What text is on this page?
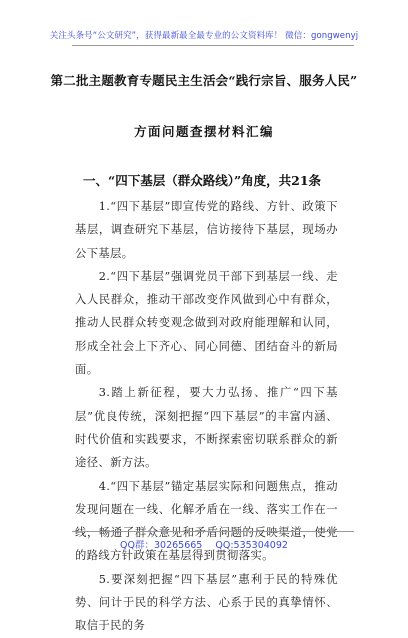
关注头条号“公文研究”，获得最新最全最专业的公文资料库！ 微信：gongwenyj
第二批主题教育专题民主生活会“践行宗旨、服务人民”
方面问题查摆材料汇编
一、“四下基层（群众路线）”角度，共21条

1.“四下基层”即宣传党的路线、方针、政策下基层，调查研究下基层，信访接待下基层，现场办公下基层。

2.“四下基层”强调党员干部下到基层一线、走入人民群众，推动干部改变作风做到心中有群众，推动人民群众转变观念做到对政府能理解和认同，形成全社会上下齐心、同心同德、团结奋斗的新局面。

3.踏上新征程，要大力弘扬、推广“四下基层”优良传统，深刻把握“四下基层”的丰富内涵、时代价值和实践要求，不断探索密切联系群众的新途径、新方法。

4.“四下基层”锚定基层实际和问题焦点，推动发现问题在一线、化解矛盾在一线、落实工作在一线，畅通了群众意见和矛盾问题的反映渠道，使党的路线方针政策在基层得到贯彻落实。

5.要深刻把握“四下基层”惠利于民的特殊优势、问计于民的科学方法、心系于民的真挚情怀、取信于民的务

QQ群：30265665 QQ:535304092
